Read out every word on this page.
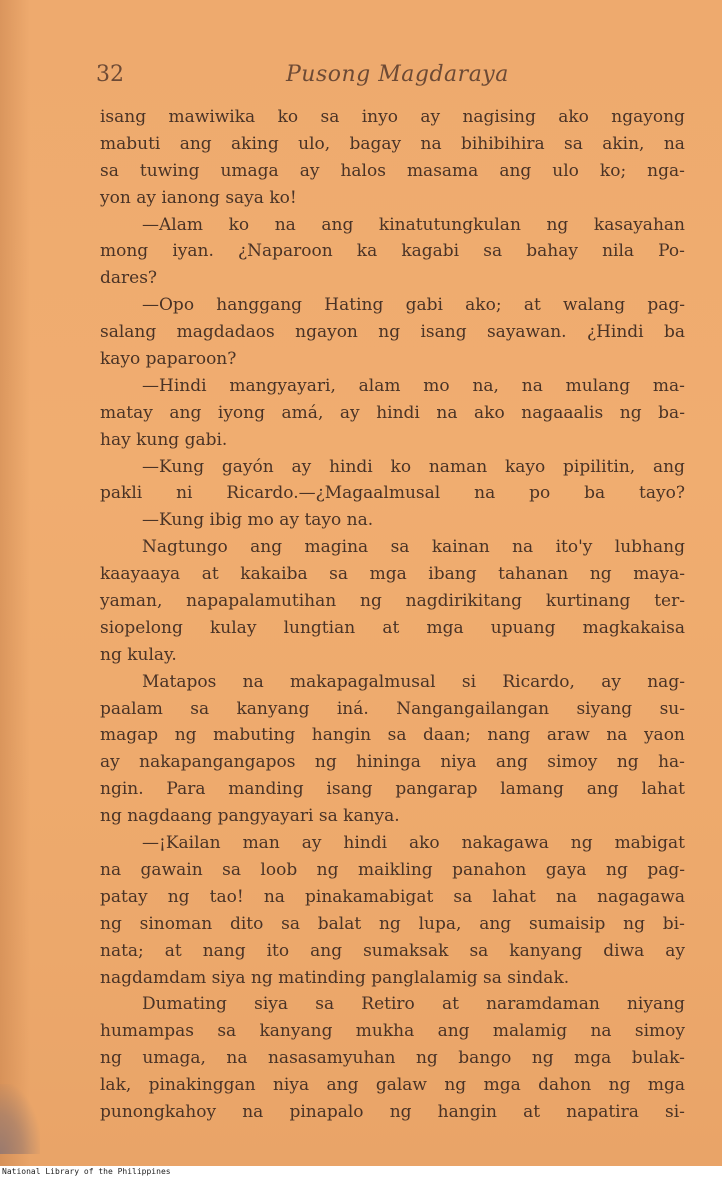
32	Pusong Magdaraya
isang mawiwika ko sa inyo ay nagising ako ngayong
mabuti ang aking ulo, bagay na bihibihira sa akin, na
sa tuwing umaga ay halos masama ang ulo ko; nga-
yon ay ianong saya ko!
—Alam ko na ang kinatutungkulan ng kasayahan
mong iyan. ¿Naparoon ka kagabi sa bahay nila Po-
dares?
—Opo hanggang Hating gabi ako; at walang pag-
salang magdadaos ngayon ng isang sayawan. ¿Hindi ba
kayo paparoon?
—Hindi mangyayari, alam mo na, na mulang ma-
matay ang iyong amá, ay hindi na ako nagaaalis ng ba-
hay kung gabi.
—Kung gayón ay hindi ko naman kayo pipilitin, ang
pakli ni Ricardo.—¿Magaalmusal na po ba tayo?
—Kung ibig mo ay tayo na.
Nagtungo ang magina sa kainan na ito'y lubhang
kaayaaya at kakaiba sa mga ibang tahanan ng maya-
yaman, napapalamutihan ng nagdirikitang kurtinang ter-
siopelong kulay lungtian at mga upuang magkakaisa
ng kulay.
Matapos na makapagalmusal si Ricardo, ay nag-
paalam sa kanyang iná. Nangangailangan siyang su-
magap ng mabuting hangin sa daan; nang araw na yaon
ay nakapangangapos ng hininga niya ang simoy ng ha-
ngin. Para manding isang pangarap lamang ang lahat
ng nagdaang pangyayari sa kanya.
—¡Kailan man ay hindi ako nakagawa ng mabigat
na gawain sa loob ng maikling panahon gaya ng pag-
patay ng tao! na pinakamabigat sa lahat na nagagawa
ng sinoman dito sa balat ng lupa, ang sumaisip ng bi-
nata; at nang ito ang sumaksak sa kanyang diwa ay
nagdamdam siya ng matinding panglalamig sa sindak.
Dumating siya sa Retiro at naramdaman niyang
humampas sa kanyang mukha ang malamig na simoy
ng umaga, na nasasamyuhan ng bango ng mga bulak-
lak, pinakinggan niya ang galaw ng mga dahon ng mga
punongkahoy na pinapalo ng hangin at napatira si-
National Library of the Philippines
